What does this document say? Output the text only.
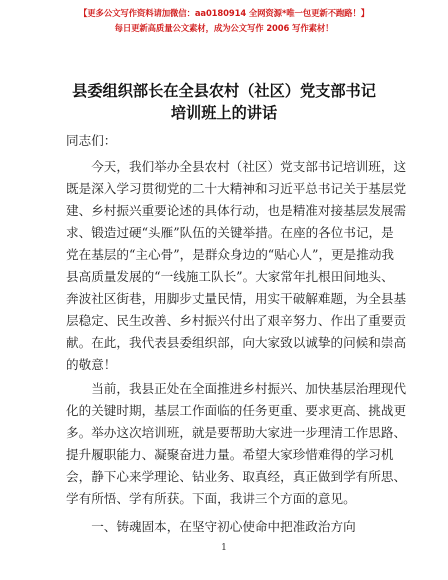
【更多公文写作资料请加微信：aa0180914 全网资源*唯一包更新不跑路！】
每日更新高质量公文素材，成为公文写作 2006 写作素材！
县委组织部长在全县农村（社区）党支部书记
培训班上的讲话
同志们：
今天，我们举办全县农村（社区）党支部书记培训班，这
既是深入学习贯彻党的二十大精神和习近平总书记关于基层党
建、乡村振兴重要论述的具体行动，也是精准对接基层发展需
求、锻造过硬“头雁”队伍的关键举措。在座的各位书记，是
党在基层的“主心骨”，是群众身边的“贴心人”，更是推动我
县高质量发展的“一线施工队长”。大家常年扎根田间地头、
奔波社区街巷，用脚步丈量民情，用实干破解难题，为全县基
层稳定、民生改善、乡村振兴付出了艰辛努力、作出了重要贡
献。在此，我代表县委组织部，向大家致以诚挚的问候和崇高
的敬意！
当前，我县正处在全面推进乡村振兴、加快基层治理现代
化的关键时期，基层工作面临的任务更重、要求更高、挑战更
多。举办这次培训班，就是要帮助大家进一步理清工作思路、
提升履职能力、凝聚奋进力量。希望大家珍惜难得的学习机
会，静下心来学理论、钻业务、取真经，真正做到学有所思、
学有所悟、学有所获。下面，我讲三个方面的意见。
一、铸魂固本，在坚守初心使命中把准政治方向
1
